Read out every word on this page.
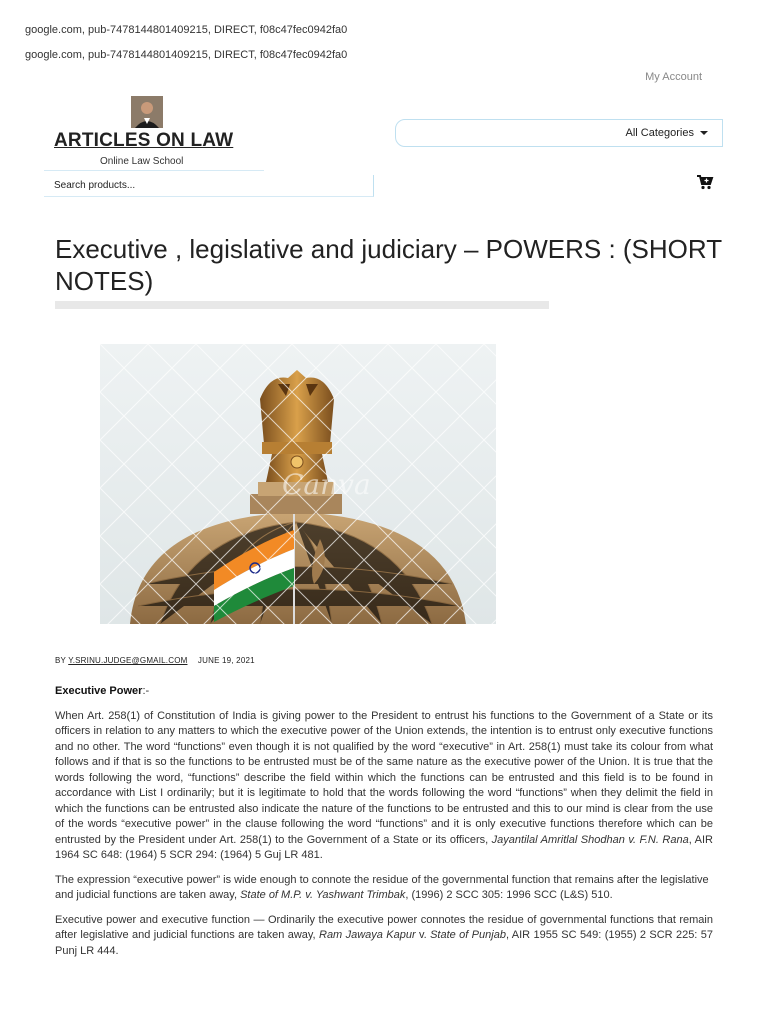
google.com, pub-7478144801409215, DIRECT, f08c47fec0942fa0
google.com, pub-7478144801409215, DIRECT, f08c47fec0942fa0
My Account
ARTICLES ON LAW
Online Law School
All Categories
Search products...
Executive , legislative and judiciary – POWERS : (SHORT NOTES)
Canva
BY Y.SRINU.JUDGE@GMAIL.COM JUNE 19, 2021

Executive Power:-

When Art. 258(1) of Constitution of India is giving power to the President to entrust his functions to the Government of a State or its officers in relation to any matters to which the executive power of the Union extends, the intention is to entrust only executive functions and no other. The word “functions” even though it is not qualified by the word “executive” in Art. 258(1) must take its colour from what follows and if that is so the functions to be entrusted must be of the same nature as the executive power of the Union. It is true that the words following the word, “functions” describe the field within which the functions can be entrusted and this field is to be found in accordance with List I ordinarily; but it is legitimate to hold that the words following the word “functions” when they delimit the field in which the functions can be entrusted also indicate the nature of the functions to be entrusted and this to our mind is clear from the use of the words “executive power” in the clause following the word “functions” and it is only executive functions therefore which can be entrusted by the President under Art. 258(1) to the Government of a State or its officers, Jayantilal Amritlal Shodhan v. F.N. Rana, AIR 1964 SC 648: (1964) 5 SCR 294: (1964) 5 Guj LR 481.

The expression “executive power” is wide enough to connote the residue of the governmental function that remains after the legislative and judicial functions are taken away, State of M.P. v. Yashwant Trimbak, (1996) 2 SCC 305: 1996 SCC (L&S) 510.

Executive power and executive function — Ordinarily the executive power connotes the residue of governmental functions that remain after legislative and judicial functions are taken away, Ram Jawaya Kapur v. State of Punjab, AIR 1955 SC 549: (1955) 2 SCR 225: 57 Punj LR 444.
